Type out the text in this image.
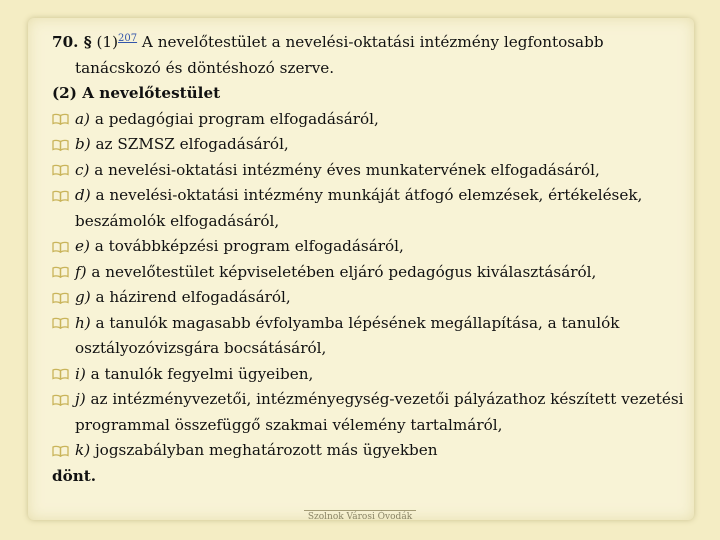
70. § (1)$^{207}$ A nevelőtestület a nevelési-oktatási intézmény legfontosabb tanácskozó és döntéshozó szerve.

(2) A nevelőtestület

a) a pedagógiai program elfogadásáról,
b) az SZMSZ elfogadásáról,
c) a nevelési-oktatási intézmény éves munkatervének elfogadásáról,
d) a nevelési-oktatási intézmény munkáját átfogó elemzések, értékelések, beszámolók elfogadásáról,
e) a továbbképzési program elfogadásáról,
f) a nevelőtestület képviseletében eljáró pedagógus kiválasztásáról,
g) a házirend elfogadásáról,
h) a tanulók magasabb évfolyamba lépésének megállapítása, a tanulók osztályozóvizsgára bocsátásáról,
i) a tanulók fegyelmi ügyeiben,
j) az intézményvezetői, intézményegység-vezetői pályázathoz készített vezetési programmal összefüggő szakmai vélemény tartalmáról,
k) jogszabályban meghatározott más ügyekben

dönt.

Szolnok Városi Óvodák
